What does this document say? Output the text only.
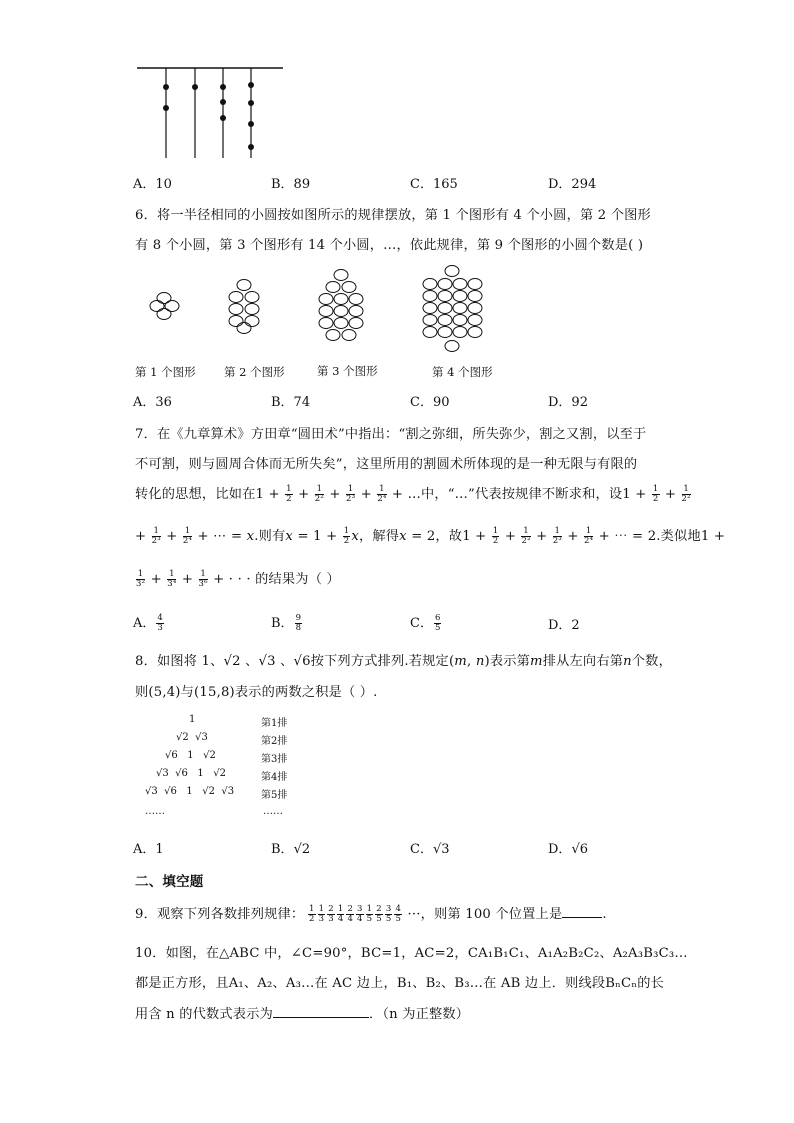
A．10	B．89	C．165	D．294
6．将一半径相同的小圆按如图所示的规律摆放，第 1 个图形有 4 个小圆，第 2 个图形
有 8 个小圆，第 3 个图形有 14 个小圆，…，依此规律，第 9 个图形的小圆个数是( )
第 1 个图形 第 2 个图形	第 3 个图形	第 4 个图形
A．36	B．74	C．90	D．92
7．在《九章算术》方田章“圆田术”中指出：“割之弥细，所失弥少，割之又割，以至于
不可割，则与圆周合体而无所失矣”，这里所用的割圆术所体现的是一种无限与有限的
转化的思想，比如在$1 + \frac{1}{2} + \frac{1}{\text{2²}} + \frac{1}{\text{2³}} + \frac{1}{\text{2⁴}}$ + …中，“…”代表按规律不断求和，设$1 + \frac{1}{2} + \frac{1}{\text{2²}}$
+ $\frac{1}{\text{2³}} + \frac{1}{\text{2⁴}}$ + ⋯ = x.则有$x = 1 + \frac{1}{2}$ x，解得x = 2，故$1 + \frac{1}{2} + \frac{1}{\text{2²}} + \frac{1}{\text{2³}} + \frac{1}{\text{2⁴}}$ + ⋯ = 2.类似地1 +
$\frac{1}{\text{3²}} + \frac{1}{\text{3⁴}} + \frac{1}{\text{3⁶}}$ + · · · 的结果为（ ）
A． $\frac{4}{3}$	B． $\frac{9}{8}$	C． $\frac{6}{5}$	D．2
8．如图将 1、√2 、√3 、√6按下列方式排列.若规定(m, n)表示第m排从左向右第n个数，
则(5,4)与(15,8)表示的两数之积是（ ）.
1
√2  √3
√6   1   √2
√3  √6   1   √2
√3  √6   1   √2  √3
……
第1排
第2排
第3排
第4排
第5排
……
A．1	B．√2	C．√3	D．√6
二、填空题
9．观察下列各数排列规律： $\frac{1}{2} \frac{1}{3} \frac{2}{3} \frac{1}{4} \frac{2}{4} \frac{3}{4} \frac{1}{5} \frac{2}{5} \frac{3}{5} \frac{4}{5}$ ···，则第 100 个位置上是	.
10．如图，在△ABC 中，∠C=90°，BC=1，AC=2，CA₁B₁C₁、A₁A₂B₂C₂、A₂A₃B₃C₃…
都是正方形，且A₁、A₂、A₃…在 AC 边上，B₁、B₂、B₃…在 AB 边上．则线段BₙCₙ的长
用含 n 的代数式表示为	．（n 为正整数）
